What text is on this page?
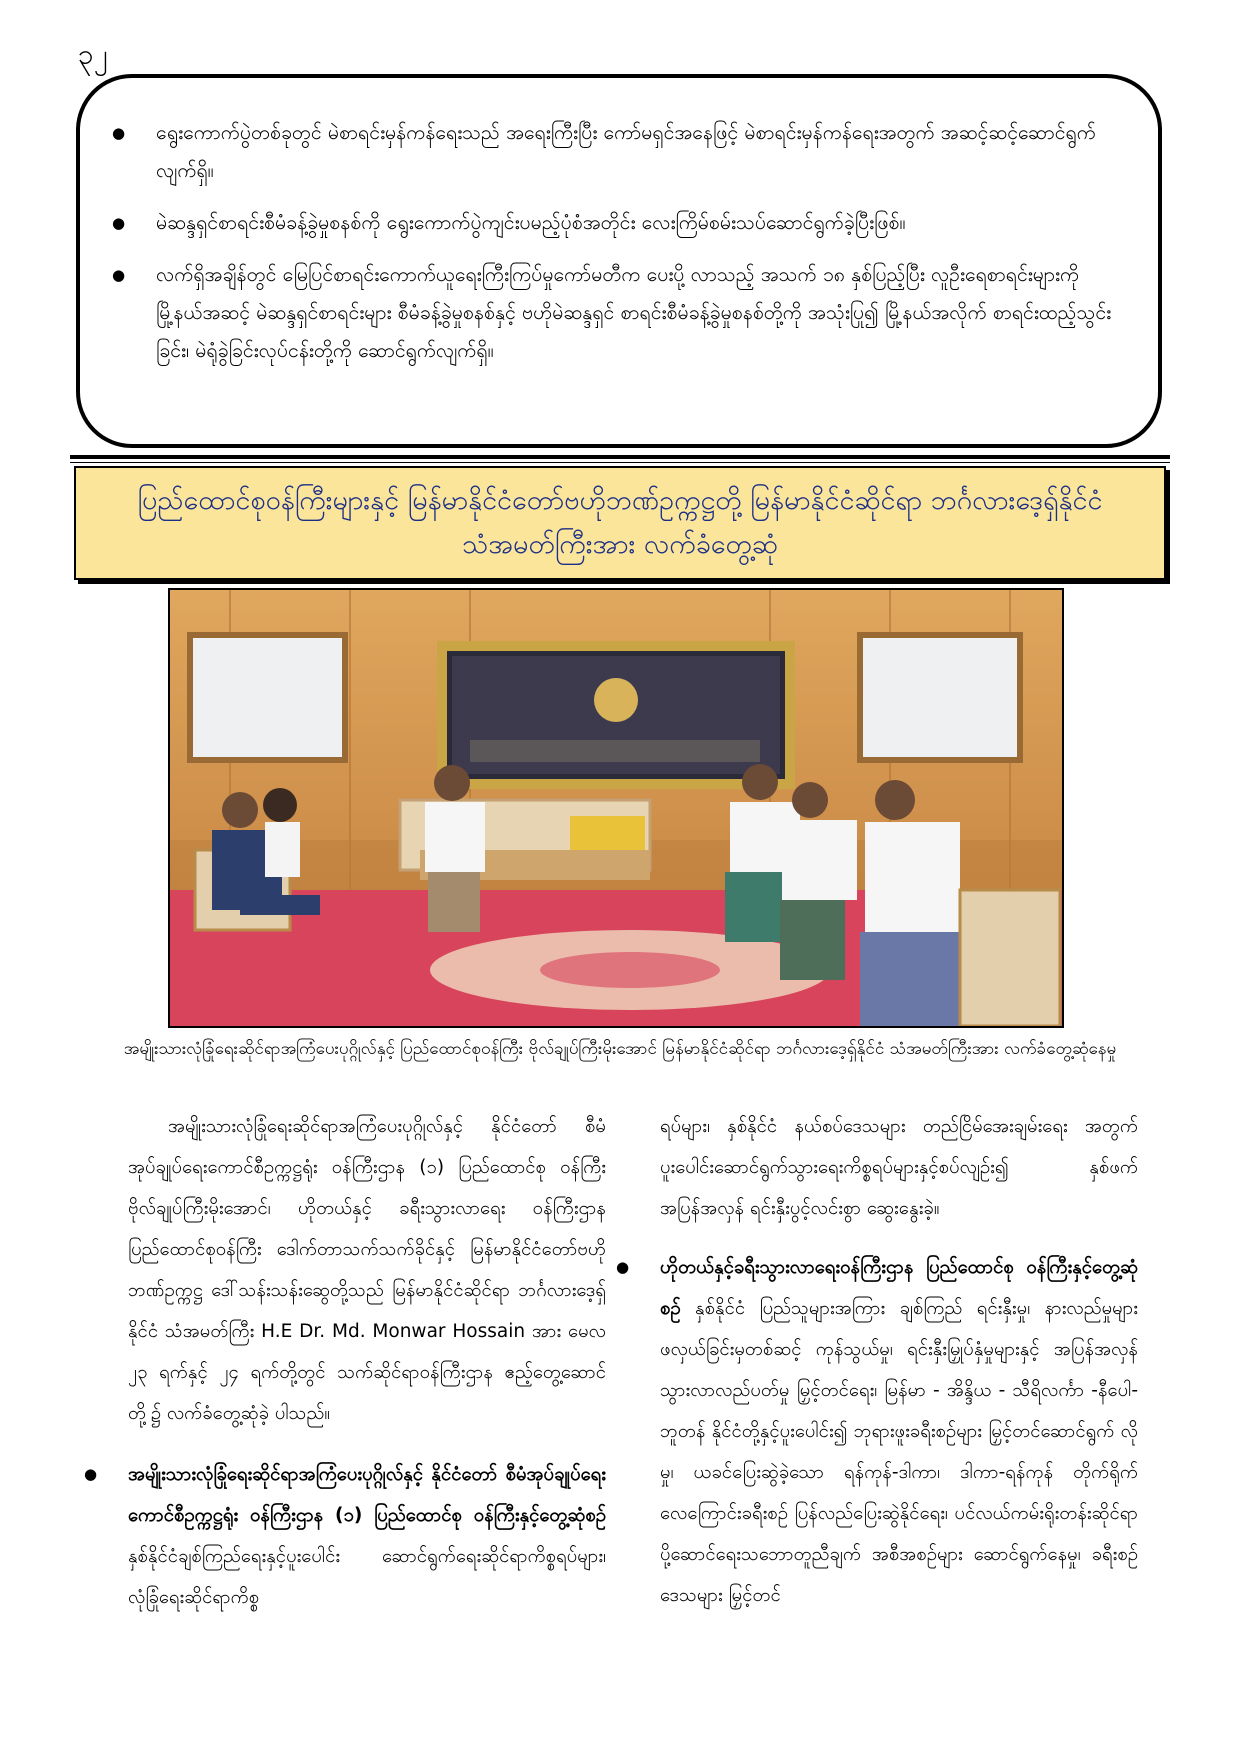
၃၂
● ရွေးကောက်ပွဲတစ်ခုတွင် မဲစာရင်းမှန်ကန်ရေးသည် အရေးကြီးပြီး ကော်မရှင်အနေဖြင့် မဲစာရင်းမှန်ကန်ရေးအတွက် အဆင့်ဆင့်ဆောင်ရွက်လျက်ရှိ။
● မဲဆန္ဒရှင်စာရင်းစီမံခန့်ခွဲမှုစနစ်ကို ရွေးကောက်ပွဲကျင်းပမည့်ပုံစံအတိုင်း လေးကြိမ်စမ်းသပ်ဆောင်ရွက်ခဲ့ပြီးဖြစ်။
● လက်ရှိအချိန်တွင် မြေပြင်စာရင်းကောက်ယူရေးကြီးကြပ်မှုကော်မတီက ပေးပို့ လာသည့် အသက် ၁၈ နှစ်ပြည့်ပြီး လူဦးရေစာရင်းများကို မြို့နယ်အဆင့် မဲဆန္ဒရှင်စာရင်းများ စီမံခန့်ခွဲမှုစနစ်နှင့် ဗဟိုမဲဆန္ဒရှင် စာရင်းစီမံခန့်ခွဲမှုစနစ်တို့ကို အသုံးပြု၍ မြို့နယ်အလိုက် စာရင်းထည့်သွင်းခြင်း၊ မဲရုံခွဲခြင်းလုပ်ငန်းတို့ကို ဆောင်ရွက်လျက်ရှိ။
ပြည်ထောင်စုဝန်ကြီးများနှင့် မြန်မာနိုင်ငံတော်ဗဟိုဘဏ်ဥက္ကဋ္ဌတို့ မြန်မာနိုင်ငံဆိုင်ရာ ဘင်္ဂလားဒေ့ရှ်နိုင်ငံ သံအမတ်ကြီးအား လက်ခံတွေ့ဆုံ
အမျိုးသားလုံခြုံရေးဆိုင်ရာအကြံပေးပုဂ္ဂိုလ်နှင့် ပြည်ထောင်စုဝန်ကြီး ဗိုလ်ချုပ်ကြီးမိုးအောင် မြန်မာနိုင်ငံဆိုင်ရာ ဘင်္ဂလားဒေ့ရှ်နိုင်ငံ သံအမတ်ကြီးအား လက်ခံတွေ့ဆုံနေမှု

အမျိုးသားလုံခြုံရေးဆိုင်ရာအကြံပေးပုဂ္ဂိုလ်နှင့် နိုင်ငံတော် စီမံအုပ်ချုပ်ရေးကောင်စီဥက္ကဋ္ဌရုံး ဝန်ကြီးဌာန (၁) ပြည်ထောင်စု ဝန်ကြီး ဗိုလ်ချုပ်ကြီးမိုးအောင်၊ ဟိုတယ်နှင့် ခရီးသွားလာရေး ဝန်ကြီးဌာန ပြည်ထောင်စုဝန်ကြီး ဒေါက်တာသက်သက်ခိုင်နှင့် မြန်မာနိုင်ငံတော်ဗဟိုဘဏ်ဥက္ကဋ္ဌ ဒေါ်သန်းသန်းဆွေတို့သည် မြန်မာနိုင်ငံဆိုင်ရာ ဘင်္ဂလားဒေ့ရှ်နိုင်ငံ သံအမတ်ကြီး H.E Dr. Md. Monwar Hossain အား မေလ ၂၃ ရက်နှင့် ၂၄ ရက်တို့တွင် သက်ဆိုင်ရာဝန်ကြီးဌာန ဧည့်တွေ့ဆောင်တို့၌ လက်ခံတွေ့ဆုံခဲ့ ပါသည်။

● အမျိုးသားလုံခြုံရေးဆိုင်ရာအကြံပေးပုဂ္ဂိုလ်နှင့် နိုင်ငံတော် စီမံအုပ်ချုပ်ရေးကောင်စီဥက္ကဋ္ဌရုံး ဝန်ကြီးဌာန (၁) ပြည်ထောင်စု ဝန်ကြီးနှင့်တွေ့ဆုံစဉ် နှစ်နိုင်ငံချစ်ကြည်ရေးနှင့်ပူးပေါင်း ဆောင်ရွက်ရေးဆိုင်ရာကိစ္စရပ်များ၊ လုံခြုံရေးဆိုင်ရာကိစ္စ

ရပ်များ၊ နှစ်နိုင်ငံ နယ်စပ်ဒေသများ တည်ငြိမ်အေးချမ်းရေး အတွက် ပူးပေါင်းဆောင်ရွက်သွားရေးကိစ္စရပ်များနှင့်စပ်လျဉ်း၍ နှစ်ဖက်အပြန်အလှန် ရင်းနှီးပွင့်လင်းစွာ ဆွေးနွေးခဲ့။

● ဟိုတယ်နှင့်ခရီးသွားလာရေးဝန်ကြီးဌာန ပြည်ထောင်စု ဝန်ကြီးနှင့်တွေ့ဆုံစဉ် နှစ်နိုင်ငံ ပြည်သူများအကြား ချစ်ကြည် ရင်းနှီးမှု၊ နားလည်မှုများ ဖလှယ်ခြင်းမှတစ်ဆင့် ကုန်သွယ်မှု၊ ရင်းနှီးမြှုပ်နှံမှုများနှင့် အပြန်အလှန် သွားလာလည်ပတ်မှု မြှင့်တင်ရေး၊ မြန်မာ - အိန္ဒိယ - သီရိလင်္ကာ -နီပေါ- ဘူတန် နိုင်ငံတို့နှင့်ပူးပေါင်း၍ ဘုရားဖူးခရီးစဉ်များ မြှင့်တင်ဆောင်ရွက် လိုမှု၊ ယခင်ပြေးဆွဲခဲ့သော ရန်ကုန်-ဒါကာ၊ ဒါကာ-ရန်ကုန် တိုက်ရိုက်လေကြောင်းခရီးစဉ် ပြန်လည်ပြေးဆွဲနိုင်ရေး၊ ပင်လယ်ကမ်းရိုးတန်းဆိုင်ရာ ပို့ဆောင်ရေးသဘောတူညီချက် အစီအစဉ်များ ဆောင်ရွက်နေမှု၊ ခရီးစဉ်ဒေသများ မြှင့်တင်
